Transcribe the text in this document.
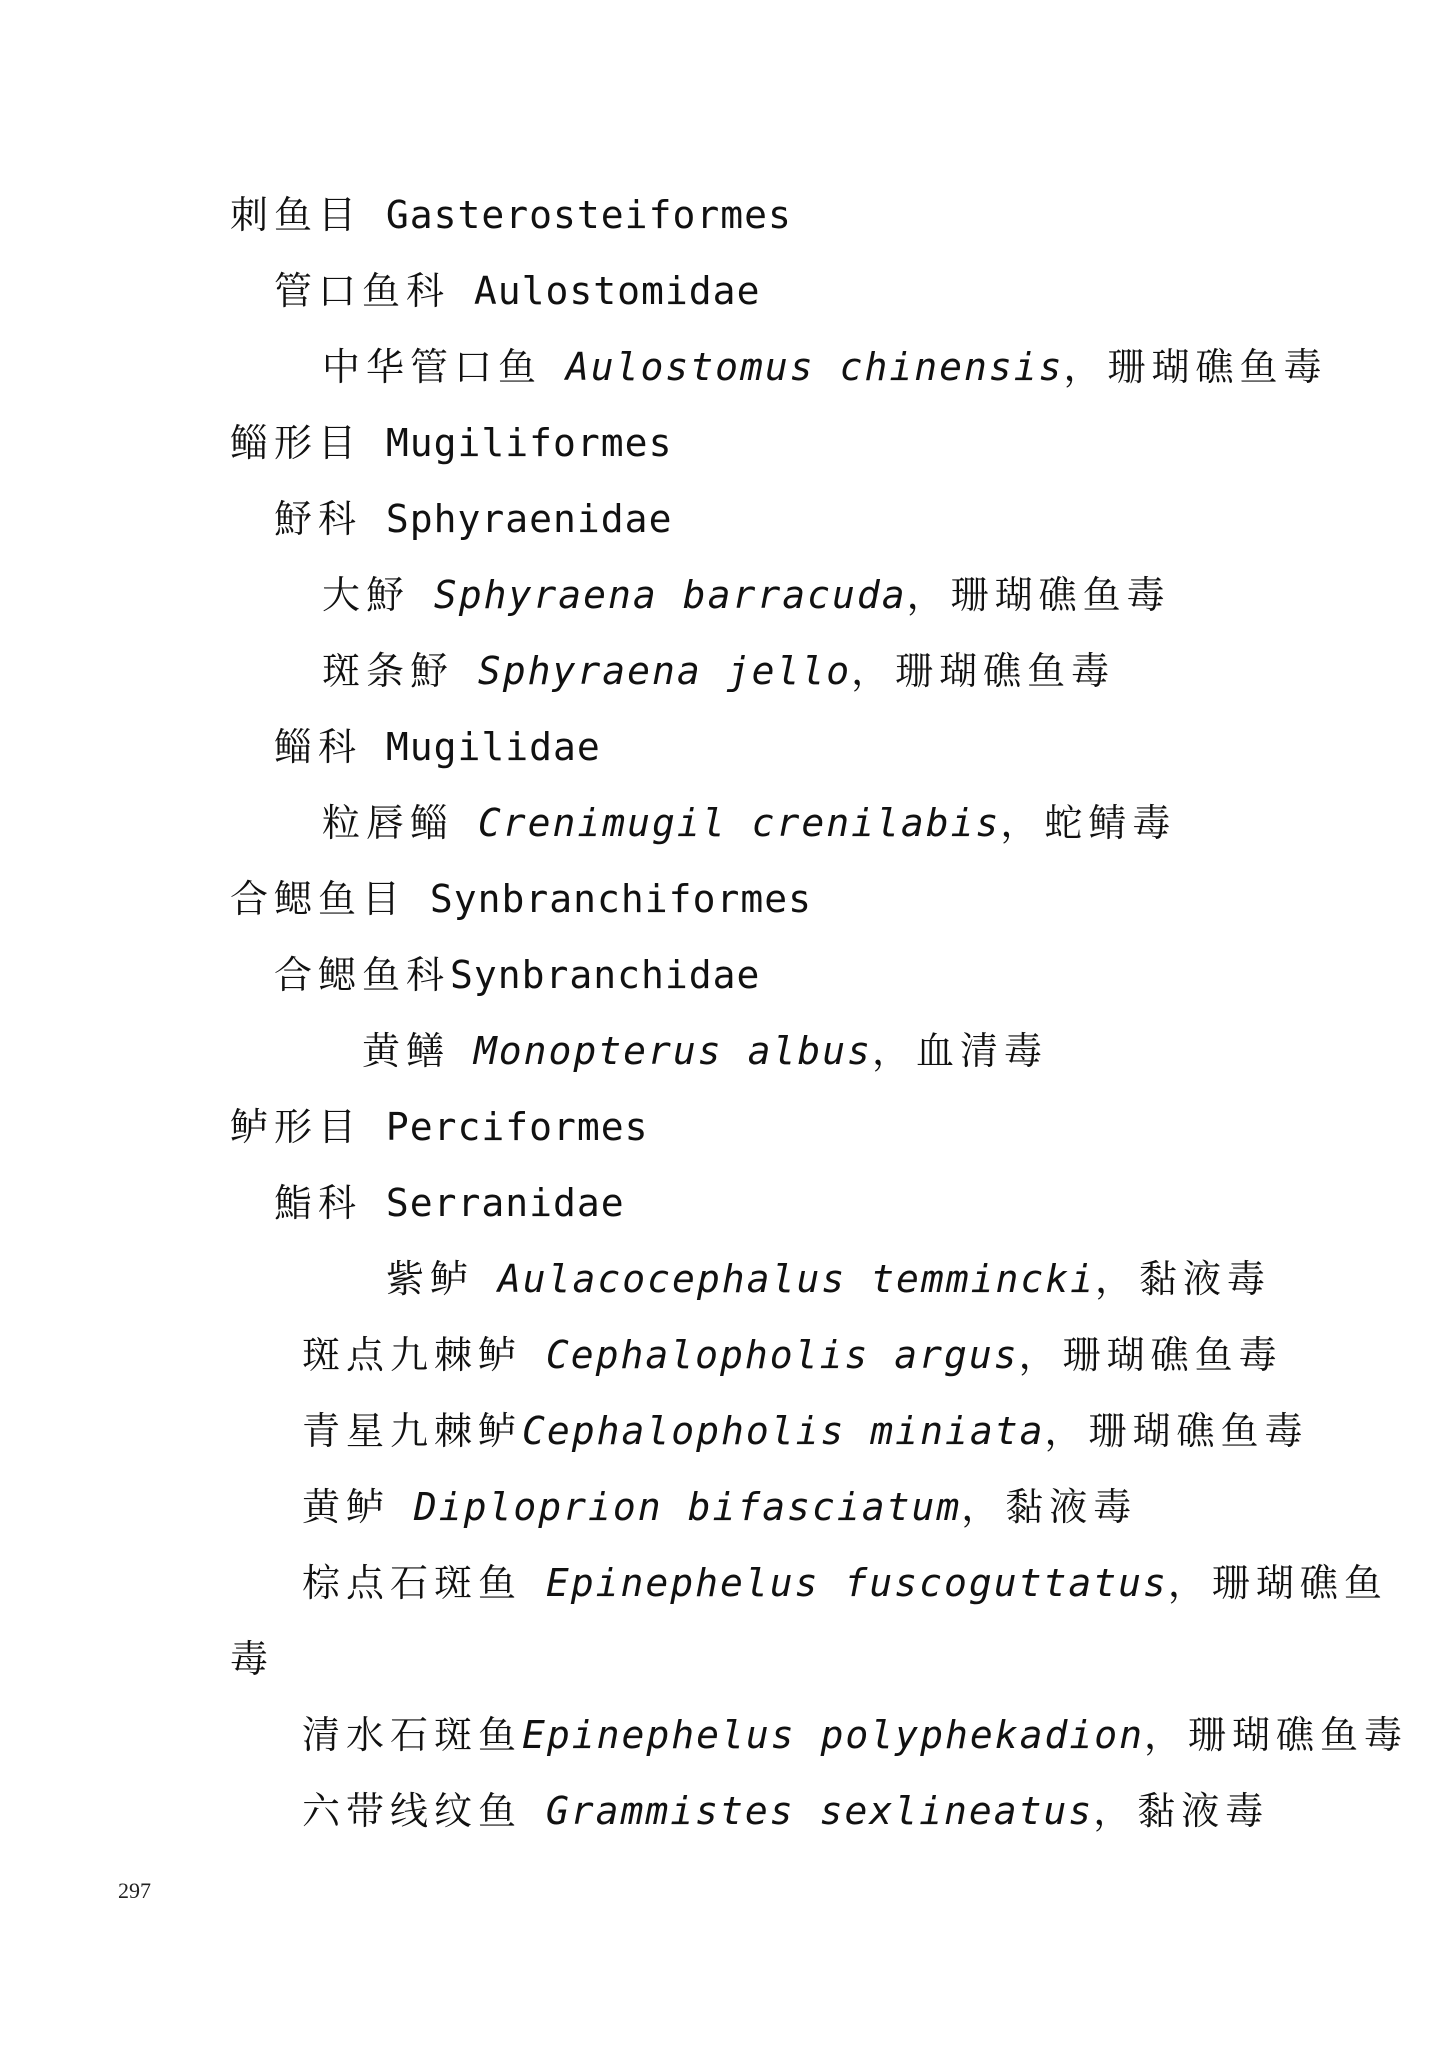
刺鱼目 Gasterosteiformes
管口鱼科 Aulostomidae
中华管口鱼 Aulostomus chinensis，珊瑚礁鱼毒
鲻形目 Mugiliformes
魣科 Sphyraenidae
大魣 Sphyraena barracuda，珊瑚礁鱼毒
斑条魣 Sphyraena jello，珊瑚礁鱼毒
鲻科 Mugilidae
粒唇鲻 Crenimugil crenilabis，蛇鲭毒
合鳃鱼目 Synbranchiformes
合鳃鱼科Synbranchidae
黄鳝 Monopterus albus，血清毒
鲈形目 Perciformes
鮨科 Serranidae
紫鲈 Aulacocephalus temmincki，黏液毒
斑点九棘鲈 Cephalopholis argus，珊瑚礁鱼毒
青星九棘鲈Cephalopholis miniata，珊瑚礁鱼毒
黄鲈 Diploprion bifasciatum，黏液毒
棕点石斑鱼 Epinephelus fuscoguttatus，珊瑚礁鱼
毒
清水石斑鱼Epinephelus polyphekadion，珊瑚礁鱼毒
六带线纹鱼 Grammistes sexlineatus，黏液毒
297
